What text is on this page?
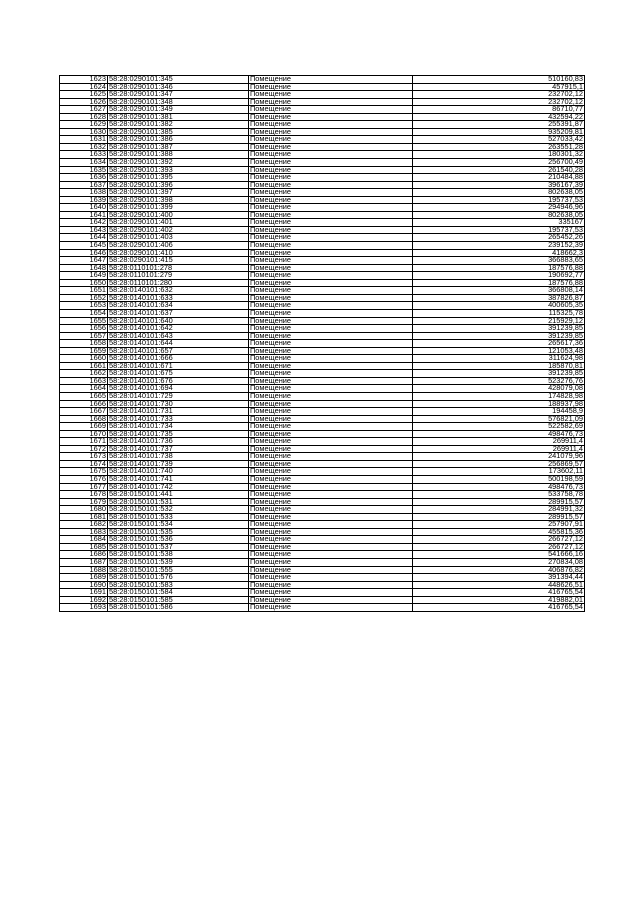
1623	58:28:0290101:345	Помещение	510160,83
1624	58:28:0290101:346	Помещение	457915,1
1625	58:28:0290101:347	Помещение	232702,12
1626	58:28:0290101:348	Помещение	232702,12
1627	58:28:0290101:349	Помещение	86710,77
1628	58:28:0290101:381	Помещение	432594,22
1629	58:28:0290101:382	Помещение	255391,87
1630	58:28:0290101:385	Помещение	935209,81
1631	58:28:0290101:386	Помещение	527033,42
1632	58:28:0290101:387	Помещение	263551,28
1633	58:28:0290101:388	Помещение	180301,32
1634	58:28:0290101:392	Помещение	256700,49
1635	58:28:0290101:393	Помещение	261540,28
1636	58:28:0290101:395	Помещение	210484,88
1637	58:28:0290101:396	Помещение	396167,39
1638	58:28:0290101:397	Помещение	802638,05
1639	58:28:0290101:398	Помещение	195737,53
1640	58:28:0290101:399	Помещение	294946,96
1641	58:28:0290101:400	Помещение	802638,05
1642	58:28:0290101:401	Помещение	335167
1643	58:28:0290101:402	Помещение	195737,53
1644	58:28:0290101:403	Помещение	265452,26
1645	58:28:0290101:406	Помещение	239152,39
1646	58:28:0290101:410	Помещение	418662,3
1647	58:28:0290101:415	Помещение	366883,65
1648	58:28:0110101:278	Помещение	187576,88
1649	58:28:0110101:279	Помещение	190692,77
1650	58:28:0110101:280	Помещение	187576,88
1651	58:28:0140101:632	Помещение	366808,14
1652	58:28:0140101:633	Помещение	387826,87
1653	58:28:0140101:634	Помещение	400605,35
1654	58:28:0140101:637	Помещение	115325,78
1655	58:28:0140101:640	Помещение	215929,12
1656	58:28:0140101:642	Помещение	391239,85
1657	58:28:0140101:643	Помещение	391239,85
1658	58:28:0140101:644	Помещение	265617,36
1659	58:28:0140101:657	Помещение	121053,48
1660	58:28:0140101:666	Помещение	311624,98
1661	58:28:0140101:671	Помещение	185870,81
1662	58:28:0140101:675	Помещение	391239,85
1663	58:28:0140101:676	Помещение	523276,76
1664	58:28:0140101:694	Помещение	428079,08
1665	58:28:0140101:729	Помещение	174828,98
1666	58:28:0140101:730	Помещение	188937,98
1667	58:28:0140101:731	Помещение	194458,9
1668	58:28:0140101:733	Помещение	576821,09
1669	58:28:0140101:734	Помещение	522582,69
1670	58:28:0140101:735	Помещение	498476,73
1671	58:28:0140101:736	Помещение	269911,4
1672	58:28:0140101:737	Помещение	269911,4
1673	58:28:0140101:738	Помещение	241079,96
1674	58:28:0140101:739	Помещение	256869,57
1675	58:28:0140101:740	Помещение	173602,11
1676	58:28:0140101:741	Помещение	500198,59
1677	58:28:0140101:742	Помещение	498476,73
1678	58:28:0150101:441	Помещение	533758,78
1679	58:28:0150101:531	Помещение	289915,57
1680	58:28:0150101:532	Помещение	284991,32
1681	58:28:0150101:533	Помещение	289915,57
1682	58:28:0150101:534	Помещение	257907,91
1683	58:28:0150101:535	Помещение	455815,36
1684	58:28:0150101:536	Помещение	266727,12
1685	58:28:0150101:537	Помещение	266727,12
1686	58:28:0150101:538	Помещение	541666,16
1687	58:28:0150101:539	Помещение	270834,08
1688	58:28:0150101:555	Помещение	406876,82
1689	58:28:0150101:576	Помещение	391394,44
1690	58:28:0150101:583	Помещение	448626,51
1691	58:28:0150101:584	Помещение	416765,54
1692	58:28:0150101:585	Помещение	419882,01
1693	58:28:0150101:586	Помещение	416765,54
